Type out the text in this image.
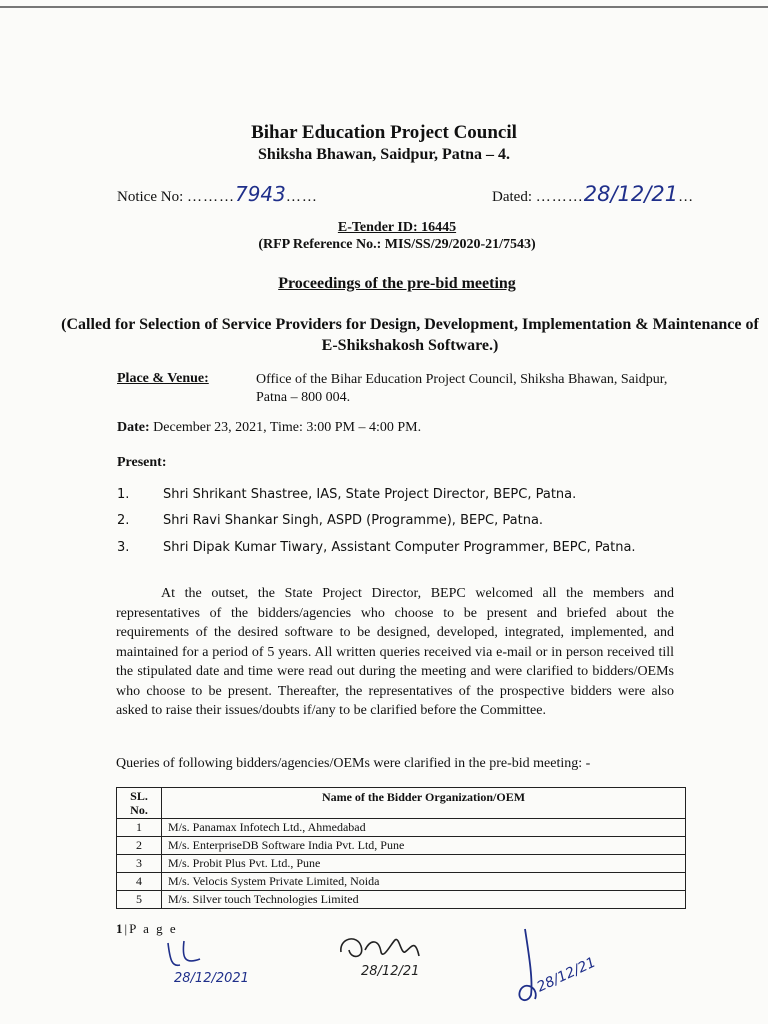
Bihar Education Project Council
Shiksha Bhawan, Saidpur, Patna – 4.
Notice No: ………7943……	Dated: ………28/12/21…
E-Tender ID: 16445
(RFP Reference No.: MIS/SS/29/2020-21/7543)
Proceedings of the pre-bid meeting
(Called for Selection of Service Providers for Design, Development, Implementation & Maintenance of E-Shikshakosh Software.)
Place & Venue:	Office of the Bihar Education Project Council, Shiksha Bhawan, Saidpur, Patna – 800 004.
Date: December 23, 2021, Time: 3:00 PM – 4:00 PM.
Present:
1.	Shri Shrikant Shastree, IAS, State Project Director, BEPC, Patna.
2.	Shri Ravi Shankar Singh, ASPD (Programme), BEPC, Patna.
3.	Shri Dipak Kumar Tiwary, Assistant Computer Programmer, BEPC, Patna.
At the outset, the State Project Director, BEPC welcomed all the members and representatives of the bidders/agencies who choose to be present and briefed about the requirements of the desired software to be designed, developed, integrated, implemented, and maintained for a period of 5 years. All written queries received via e-mail or in person received till the stipulated date and time were read out during the meeting and were clarified to bidders/OEMs who choose to be present. Thereafter, the representatives of the prospective bidders were also asked to raise their issues/doubts if/any to be clarified before the Committee.
Queries of following bidders/agencies/OEMs were clarified in the pre-bid meeting: -
SL.
No.	Name of the Bidder Organization/OEM
1	M/s. Panamax Infotech Ltd., Ahmedabad
2	M/s. EnterpriseDB Software India Pvt. Ltd, Pune
3	M/s. Probit Plus Pvt. Ltd., Pune
4	M/s. Velocis System Private Limited, Noida
5	M/s. Silver touch Technologies Limited
1|P a g e
28/12/2021	28/12/21	28/12/21
